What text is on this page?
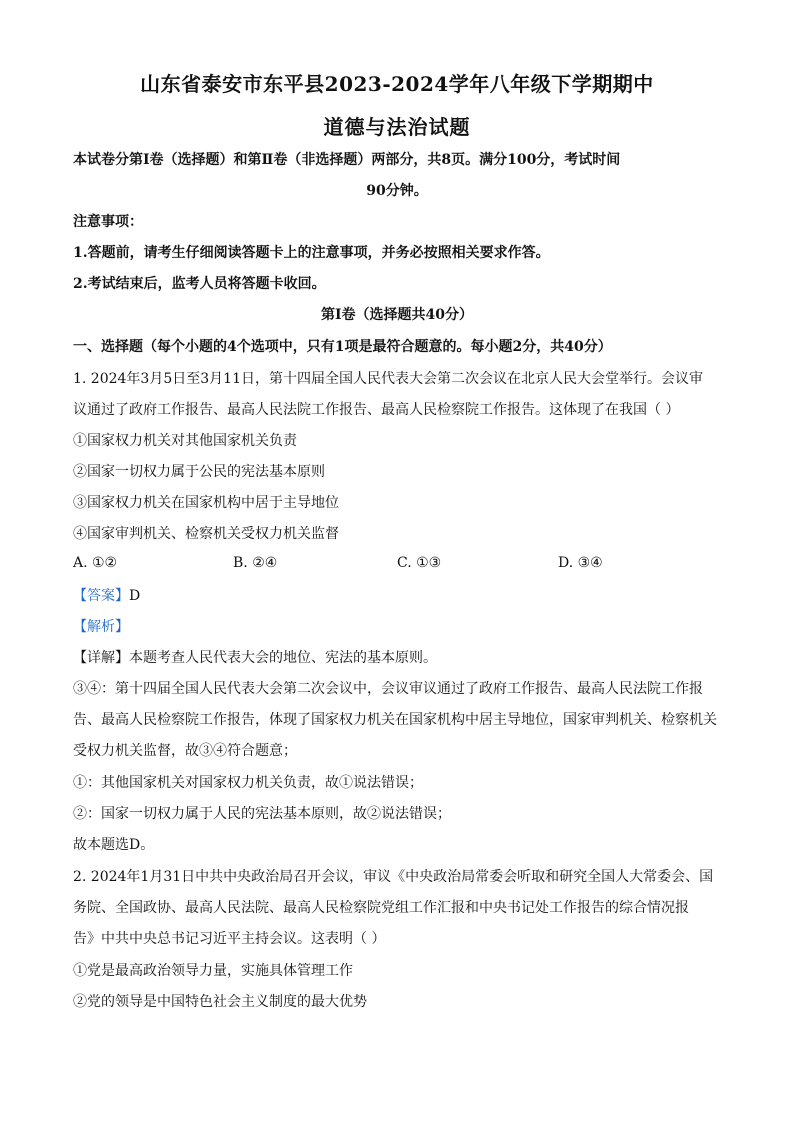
山东省泰安市东平县2023-2024学年八年级下学期期中
道德与法治试题
本试卷分第Ⅰ卷（选择题）和第Ⅱ卷（非选择题）两部分，共8页。满分100分，考试时间
90分钟。
注意事项：
1.答题前，请考生仔细阅读答题卡上的注意事项，并务必按照相关要求作答。
2.考试结束后，监考人员将答题卡收回。
第Ⅰ卷（选择题共40分）
一、选择题（每个小题的4个选项中，只有1项是最符合题意的。每小题2分，共40分）
1. 2024年3月5日至3月11日，第十四届全国人民代表大会第二次会议在北京人民大会堂举行。会议审
议通过了政府工作报告、最高人民法院工作报告、最高人民检察院工作报告。这体现了在我国（ ）
①国家权力机关对其他国家机关负责
②国家一切权力属于公民的宪法基本原则
③国家权力机关在国家机构中居于主导地位
④国家审判机关、检察机关受权力机关监督
A. ①②	B. ②④	C. ①③	D. ③④
【答案】D
【解析】
【详解】本题考查人民代表大会的地位、宪法的基本原则。
③④：第十四届全国人民代表大会第二次会议中，会议审议通过了政府工作报告、最高人民法院工作报
告、最高人民检察院工作报告，体现了国家权力机关在国家机构中居主导地位，国家审判机关、检察机关
受权力机关监督，故③④符合题意；
①：其他国家机关对国家权力机关负责，故①说法错误；
②：国家一切权力属于人民的宪法基本原则，故②说法错误；
故本题选D。
2. 2024年1月31日中共中央政治局召开会议，审议《中央政治局常委会听取和研究全国人大常委会、国
务院、全国政协、最高人民法院、最高人民检察院党组工作汇报和中央书记处工作报告的综合情况报
告》中共中央总书记习近平主持会议。这表明（ ）
①党是最高政治领导力量，实施具体管理工作
②党的领导是中国特色社会主义制度的最大优势
